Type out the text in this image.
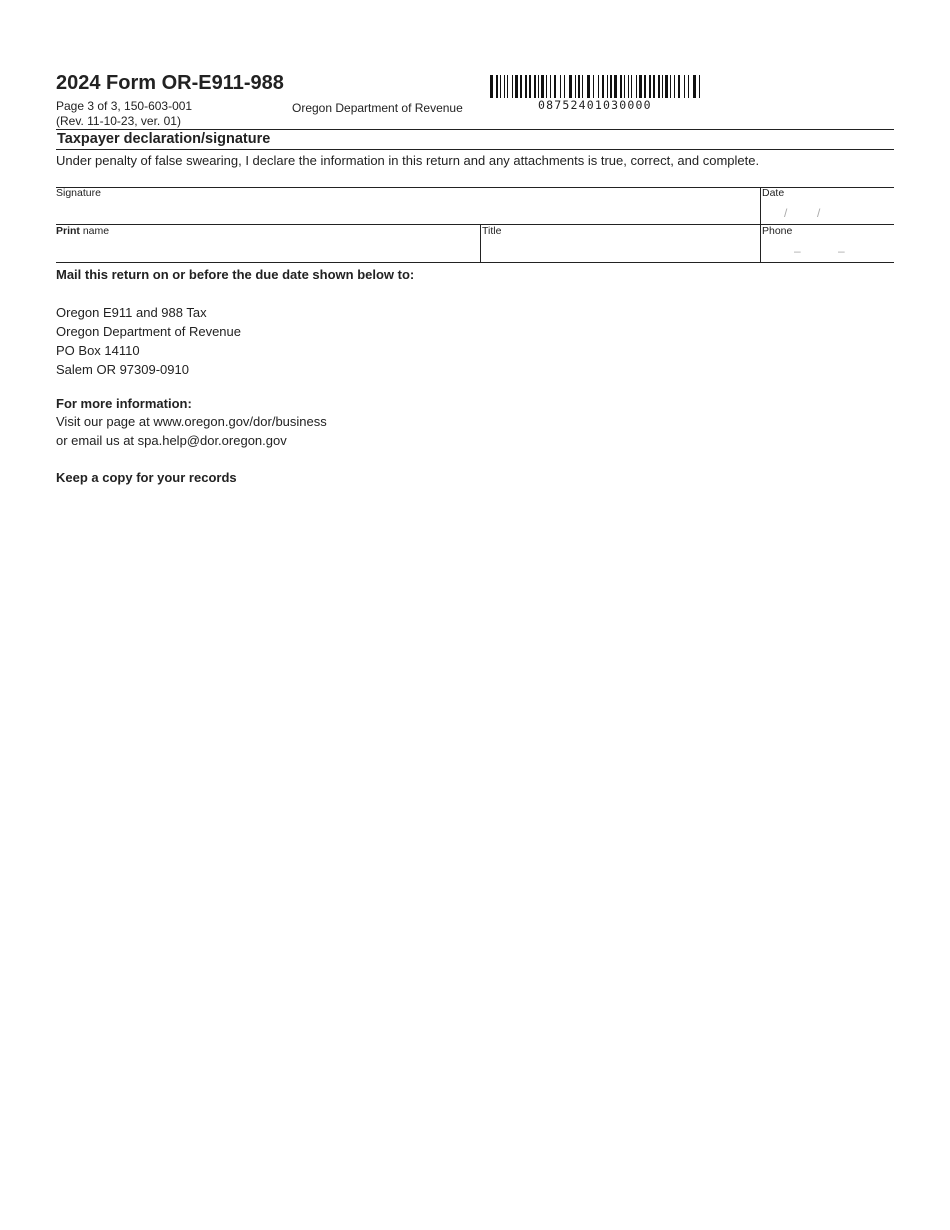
2024 Form OR-E911-988
Page 3 of 3, 150-603-001
(Rev. 11-10-23, ver. 01)
Oregon Department of Revenue	08752401030000
Taxpayer declaration/signature
Under penalty of false swearing, I declare the information in this return and any attachments is true, correct, and complete.
Signature	Date
/ /
Print name	Title	Phone
–	–
Mail this return on or before the due date shown below to:
Oregon E911 and 988 Tax
Oregon Department of Revenue
PO Box 14110
Salem OR 97309-0910
For more information:
Visit our page at www.oregon.gov/dor/business
or email us at spa.help@dor.oregon.gov
Keep a copy for your records
